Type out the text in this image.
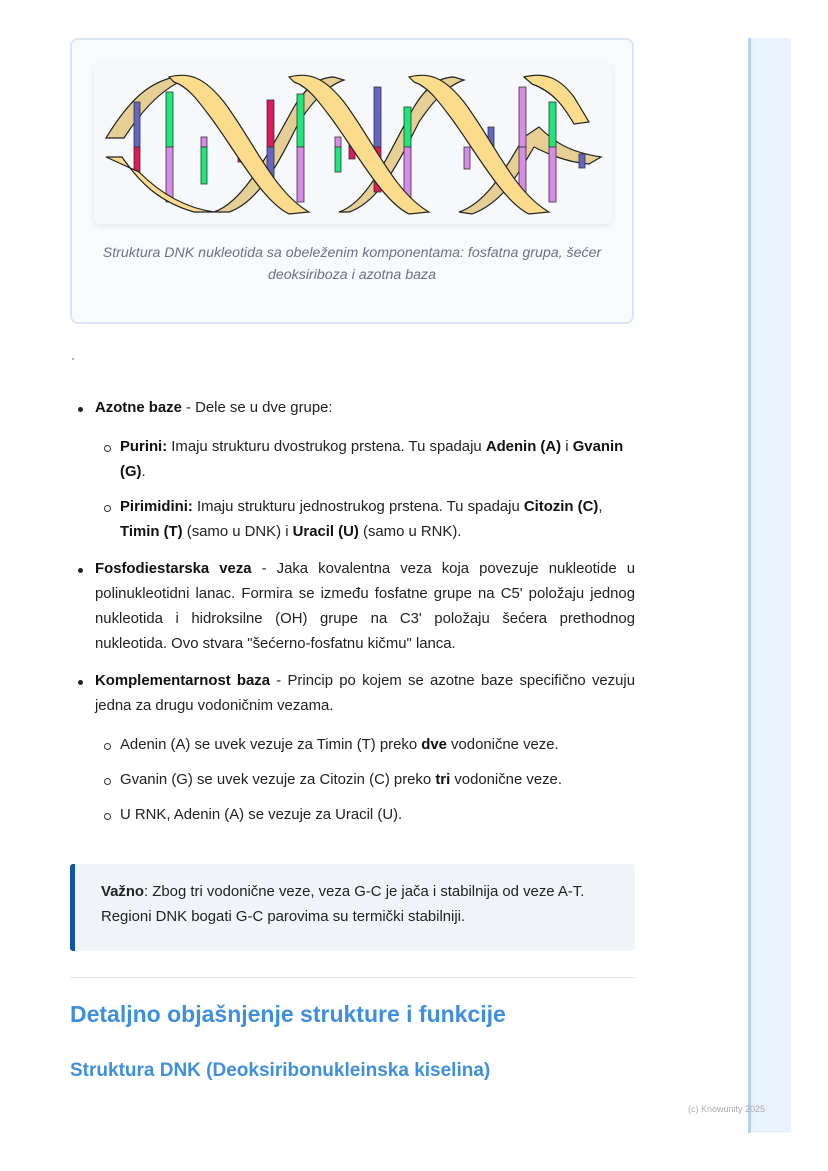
Struktura DNK nukleotida sa obeleženim komponentama: fosfatna grupa, šećer deoksiriboza i azotna baza
`
Azotne baze - Dele se u dve grupe:
Purini: Imaju strukturu dvostrukog prstena. Tu spadaju Adenin (A) i Gvanin (G).
Pirimidini: Imaju strukturu jednostrukog prstena. Tu spadaju Citozin (C), Timin (T) (samo u DNK) i Uracil (U) (samo u RNK).
Fosfodiestarska veza - Jaka kovalentna veza koja povezuje nukleotide u polinukleotidni lanac. Formira se između fosfatne grupe na C5' položaju jednog nukleotida i hidroksilne (OH) grupe na C3' položaju šećera prethodnog nukleotida. Ovo stvara "šećerno-fosfatnu kičmu" lanca.
Komplementarnost baza - Princip po kojem se azotne baze specifično vezuju jedna za drugu vodoničnim vezama.
Adenin (A) se uvek vezuje za Timin (T) preko dve vodonične veze.
Gvanin (G) se uvek vezuje za Citozin (C) preko tri vodonične veze.
U RNK, Adenin (A) se vezuje za Uracil (U).
Važno: Zbog tri vodonične veze, veza G-C je jača i stabilnija od veze A-T. Regioni DNK bogati G-C parovima su termički stabilniji.
Detaljno objašnjenje strukture i funkcije
Struktura DNK (Deoksiribonukleinska kiselina)
(c) Knowunity 2025
